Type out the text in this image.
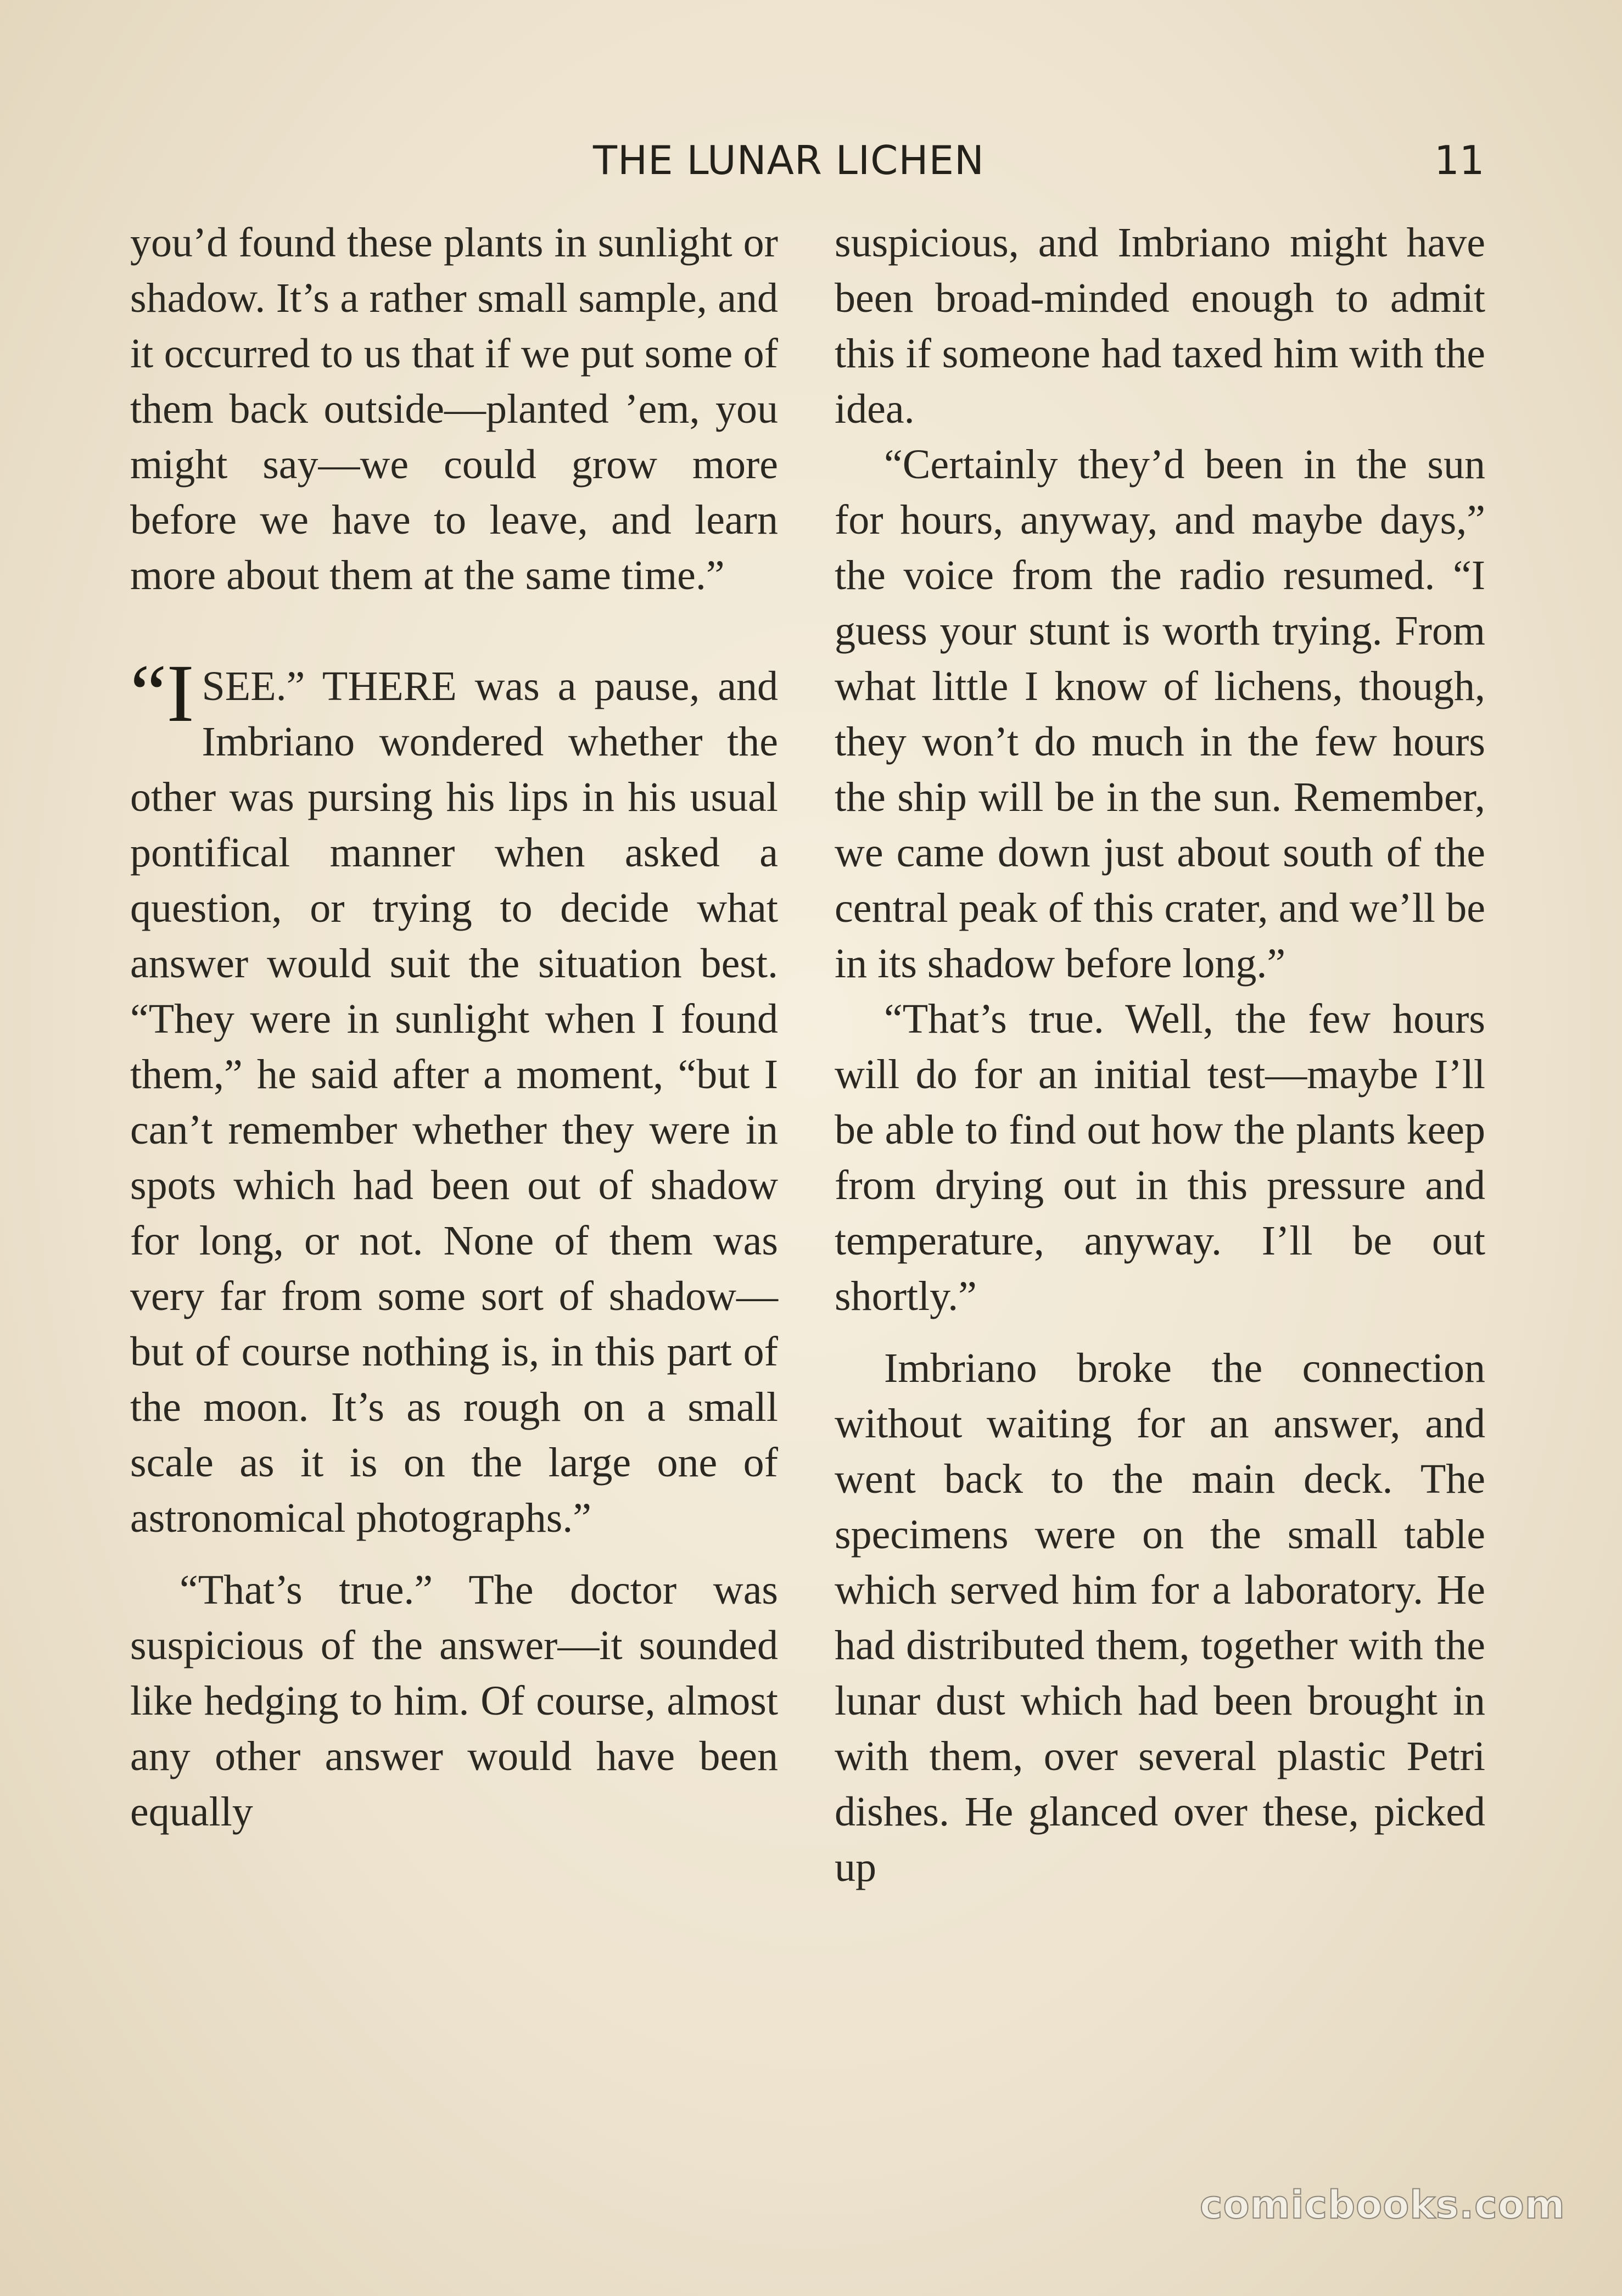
THE LUNAR LICHEN	11

you’d found these plants in sunlight or shadow. It’s a rather small sample, and it occurred to us that if we put some of them back outside—planted ’em, you might say—we could grow more before we have to leave, and learn more about them at the same time.”

“I SEE.” THERE was a pause, and Imbriano wondered whether the other was pursing his lips in his usual pontifical manner when asked a question, or trying to decide what answer would suit the situation best. “They were in sunlight when I found them,” he said after a moment, “but I can’t remember whether they were in spots which had been out of shadow for long, or not. None of them was very far from some sort of shadow—but of course nothing is, in this part of the moon. It’s as rough on a small scale as it is on the large one of astronomical photographs.”

“That’s true.” The doctor was suspicious of the answer—it sounded like hedging to him. Of course, almost any other answer would have been equally

suspicious, and Imbriano might have been broad-minded enough to admit this if someone had taxed him with the idea.

“Certainly they’d been in the sun for hours, anyway, and maybe days,” the voice from the radio resumed. “I guess your stunt is worth trying. From what little I know of lichens, though, they won’t do much in the few hours the ship will be in the sun. Remember, we came down just about south of the central peak of this crater, and we’ll be in its shadow before long.”

“That’s true. Well, the few hours will do for an initial test—maybe I’ll be able to find out how the plants keep from drying out in this pressure and temperature, anyway. I’ll be out shortly.”

Imbriano broke the connection without waiting for an answer, and went back to the main deck. The specimens were on the small table which served him for a laboratory. He had distributed them, together with the lunar dust which had been brought in with them, over several plastic Petri dishes. He glanced over these, picked up

comicbooks.com
